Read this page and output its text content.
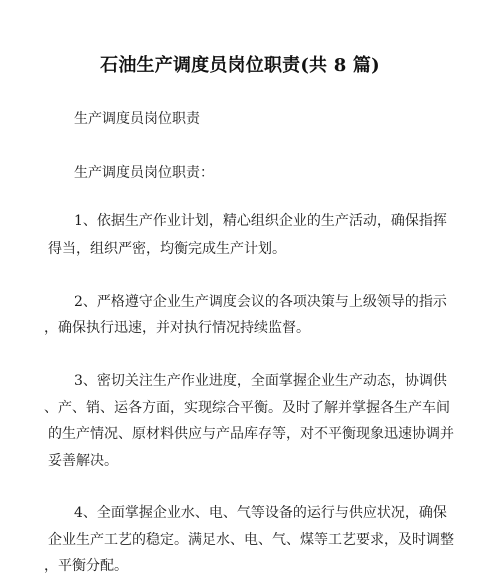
石油生产调度员岗位职责(共 8 篇)
生产调度员岗位职责
生产调度员岗位职责：
1、依据生产作业计划，精心组织企业的生产活动，确保指挥
得当，组织严密，均衡完成生产计划。
2、严格遵守企业生产调度会议的各项决策与上级领导的指示
，确保执行迅速，并对执行情况持续监督。
3、密切关注生产作业进度，全面掌握企业生产动态，协调供
、产、销、运各方面，实现综合平衡。及时了解并掌握各生产车间
的生产情况、原材料供应与产品库存等，对不平衡现象迅速协调并
妥善解决。
4、全面掌握企业水、电、气等设备的运行与供应状况，确保
企业生产工艺的稳定。满足水、电、气、煤等工艺要求，及时调整
，平衡分配。
